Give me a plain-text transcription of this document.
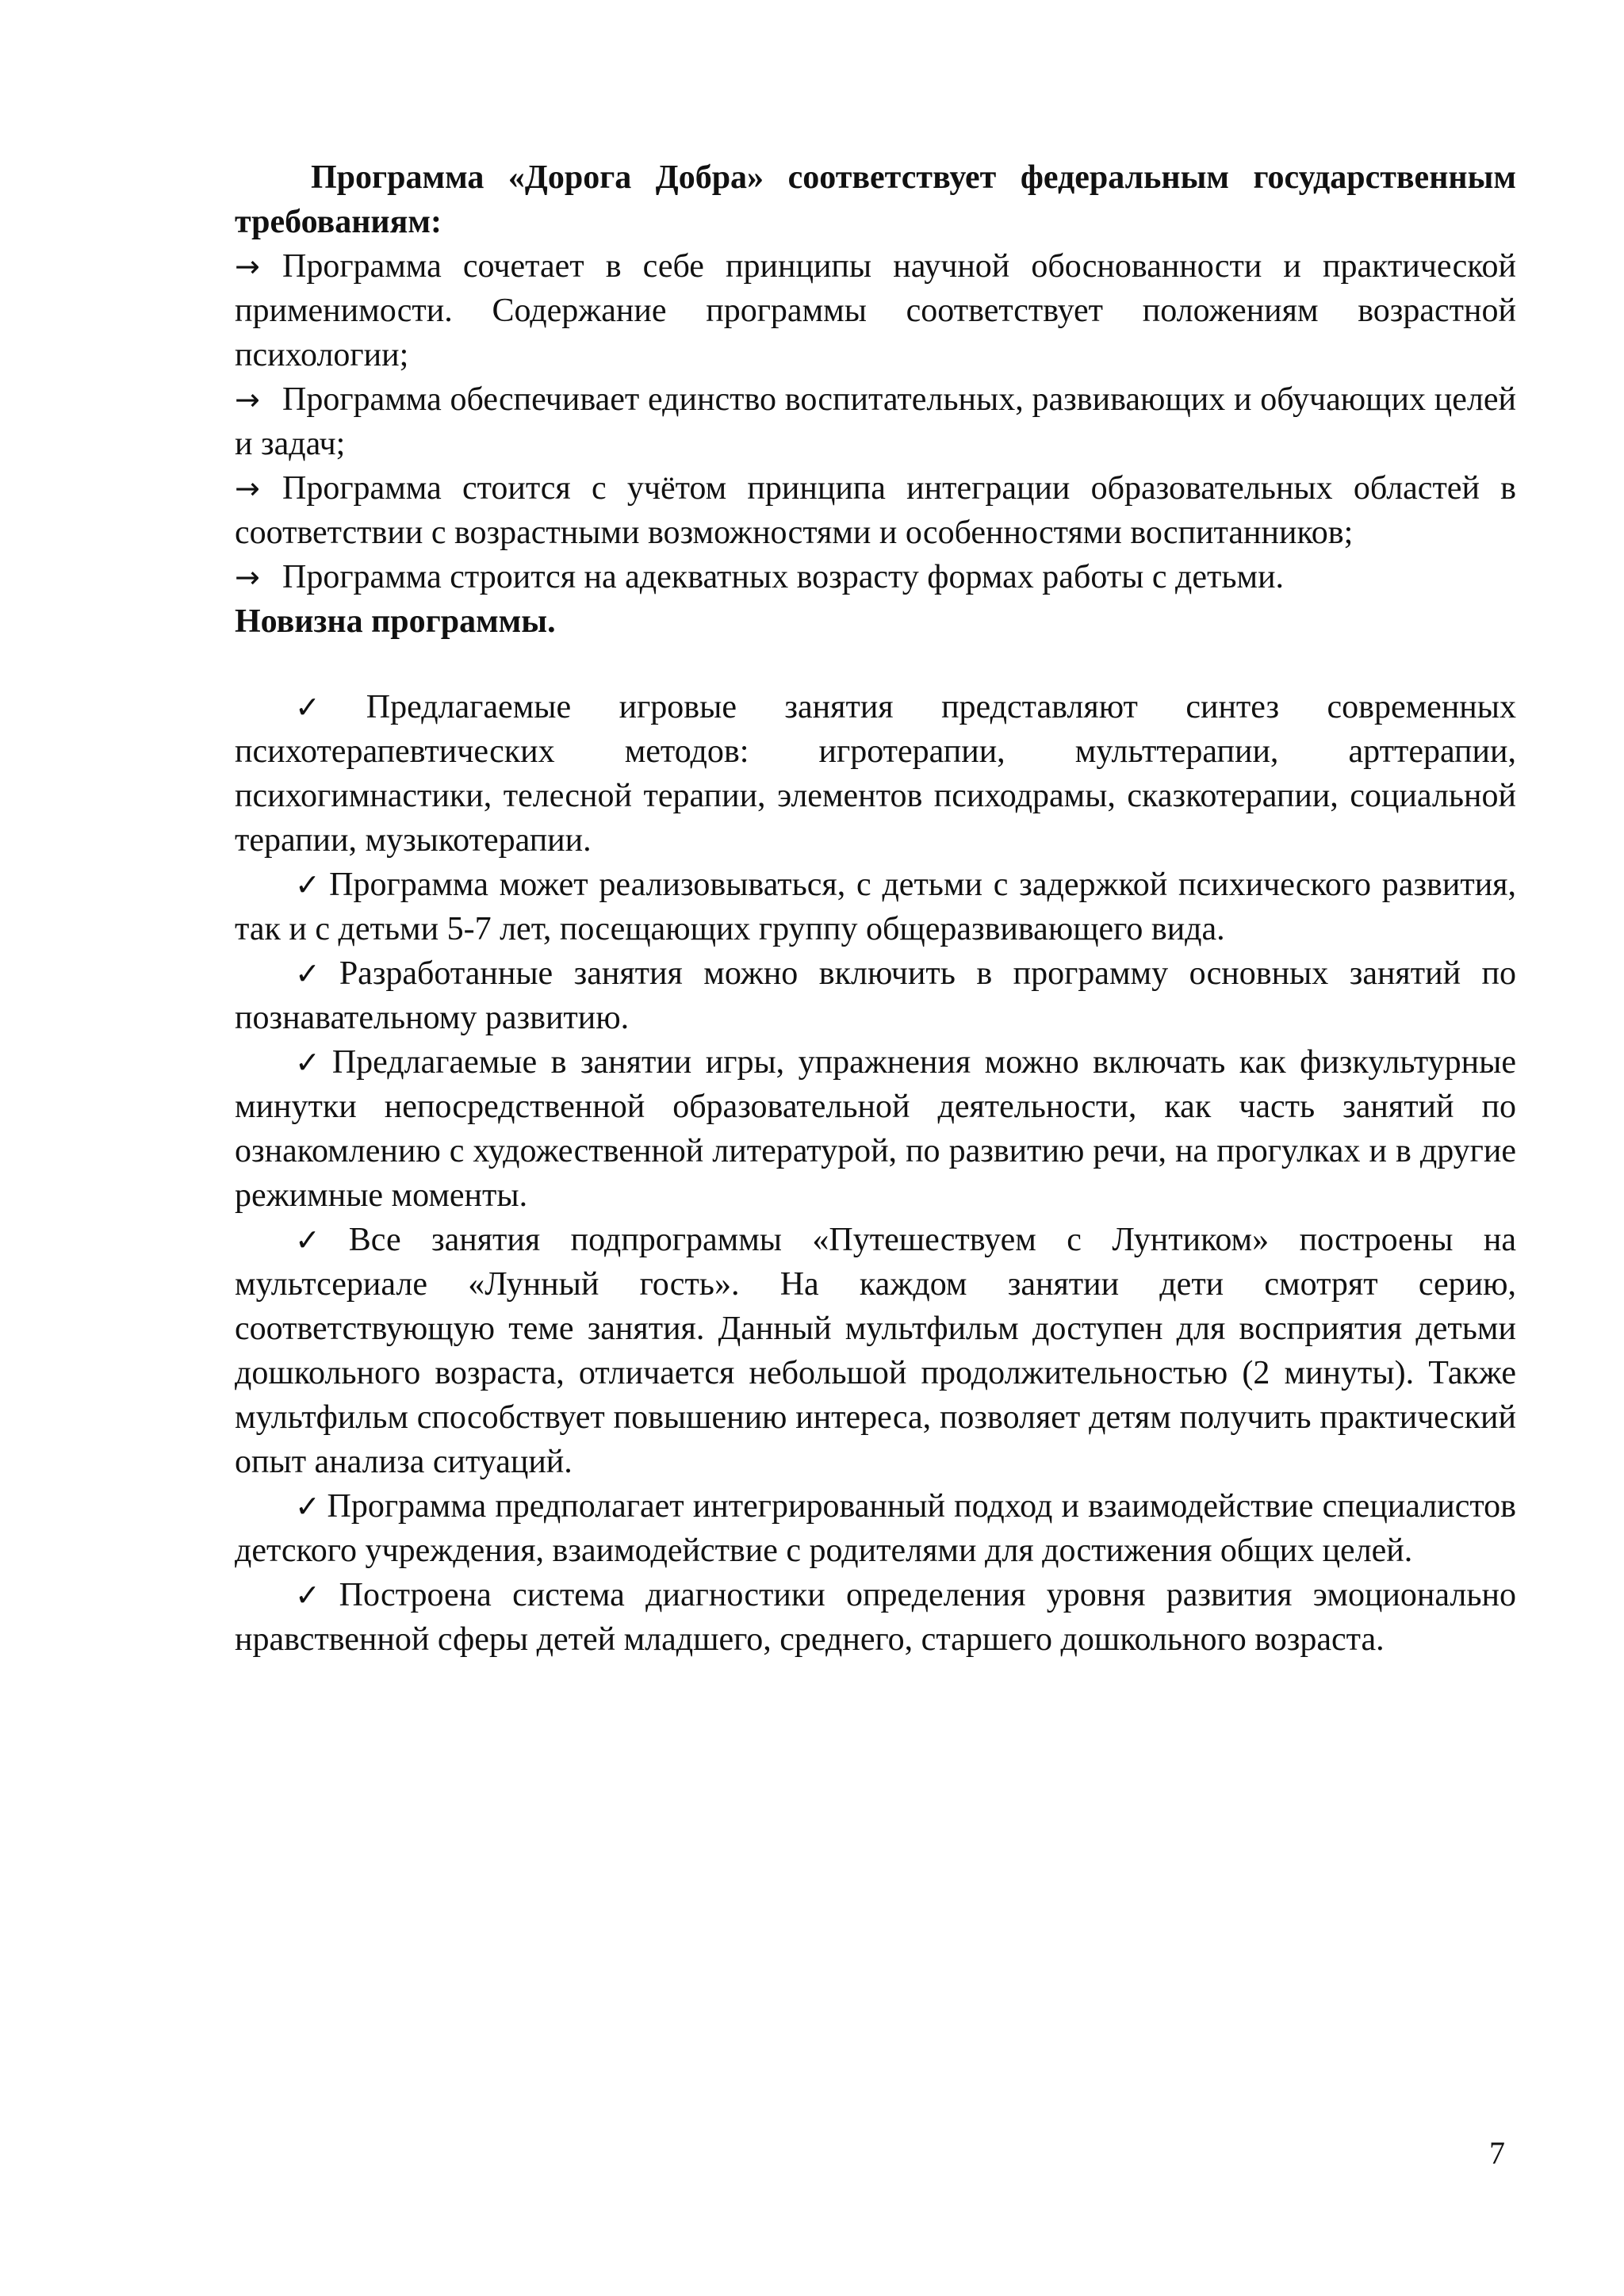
Программа «Дорога Добра» соответствует федеральным государственным требованиям:

→ Программа сочетает в себе принципы научной обоснованности и практической применимости. Содержание программы соответствует положениям возрастной психологии;

→ Программа обеспечивает единство воспитательных, развивающих и обучающих целей и задач;

→ Программа стоится с учётом принципа интеграции образовательных областей в соответствии с возрастными возможностями и особенностями воспитанников;

→ Программа строится на адекватных возрасту формах работы с детьми.

Новизна программы.

✓ Предлагаемые игровые занятия представляют синтез современных психотерапевтических методов: игротерапии, мульттерапии, арттерапии, психогимнастики, телесной терапии, элементов психодрамы, сказкотерапии, социальной терапии, музыкотерапии.

✓ Программа может реализовываться, с детьми с задержкой психического развития, так и с детьми 5-7 лет, посещающих группу общеразвивающего вида.

✓ Разработанные занятия можно включить в программу основных занятий по познавательному развитию.

✓ Предлагаемые в занятии игры, упражнения можно включать как физкультурные минутки непосредственной образовательной деятельности, как часть занятий по ознакомлению с художественной литературой, по развитию речи, на прогулках и в другие режимные моменты.

✓ Все занятия подпрограммы «Путешествуем с Лунтиком» построены на мультсериале «Лунный гость». На каждом занятии дети смотрят серию, соответствующую теме занятия. Данный мультфильм доступен для восприятия детьми дошкольного возраста, отличается небольшой продолжительностью (2 минуты). Также мультфильм способствует повышению интереса, позволяет детям получить практический опыт анализа ситуаций.

✓ Программа предполагает интегрированный подход и взаимодействие специалистов детского учреждения, взаимодействие с родителями для достижения общих целей.

✓ Построена система диагностики определения уровня развития эмоционально нравственной сферы детей младшего, среднего, старшего дошкольного возраста.

7
